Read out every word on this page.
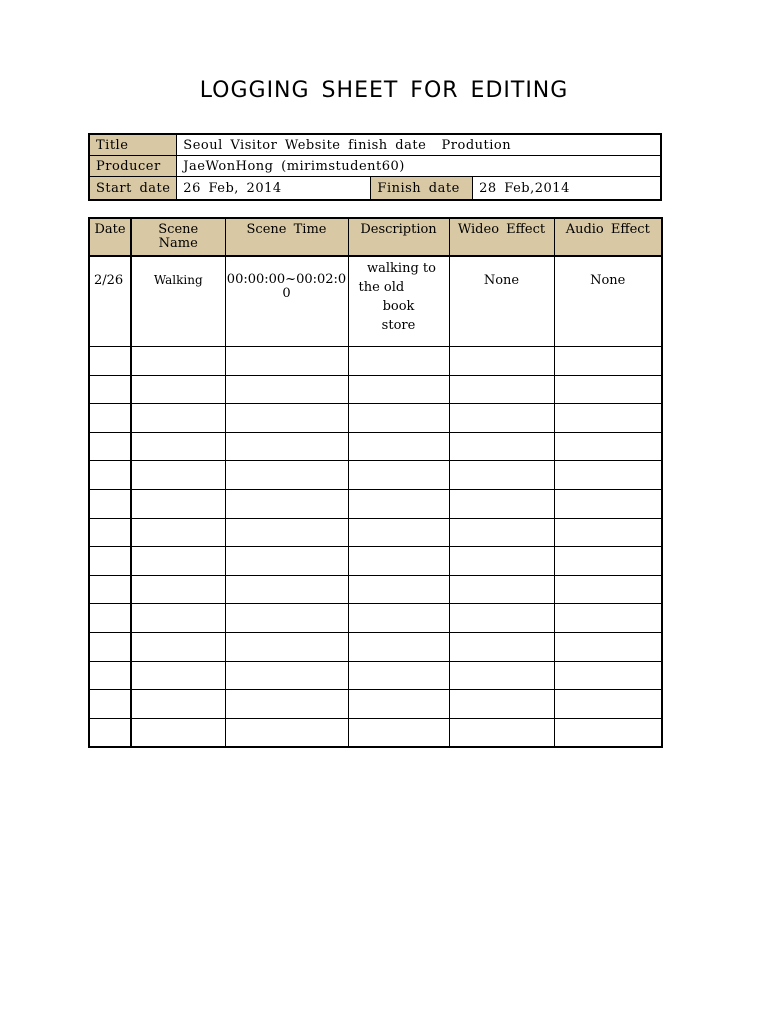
LOGGING SHEET FOR EDITING
Title	Seoul Visitor Website finish date  Prodution		
Producer	JaeWonHong (mirimstudent60)		
Start date	26 Feb, 2014	Finish date	28 Feb,2014
Date	Scene Name	Scene Time	Description	Wideo Effect	Audio Effect
2/26	Walking	00:00:00~00:02:00	walking to
the old
book
store	None	None
